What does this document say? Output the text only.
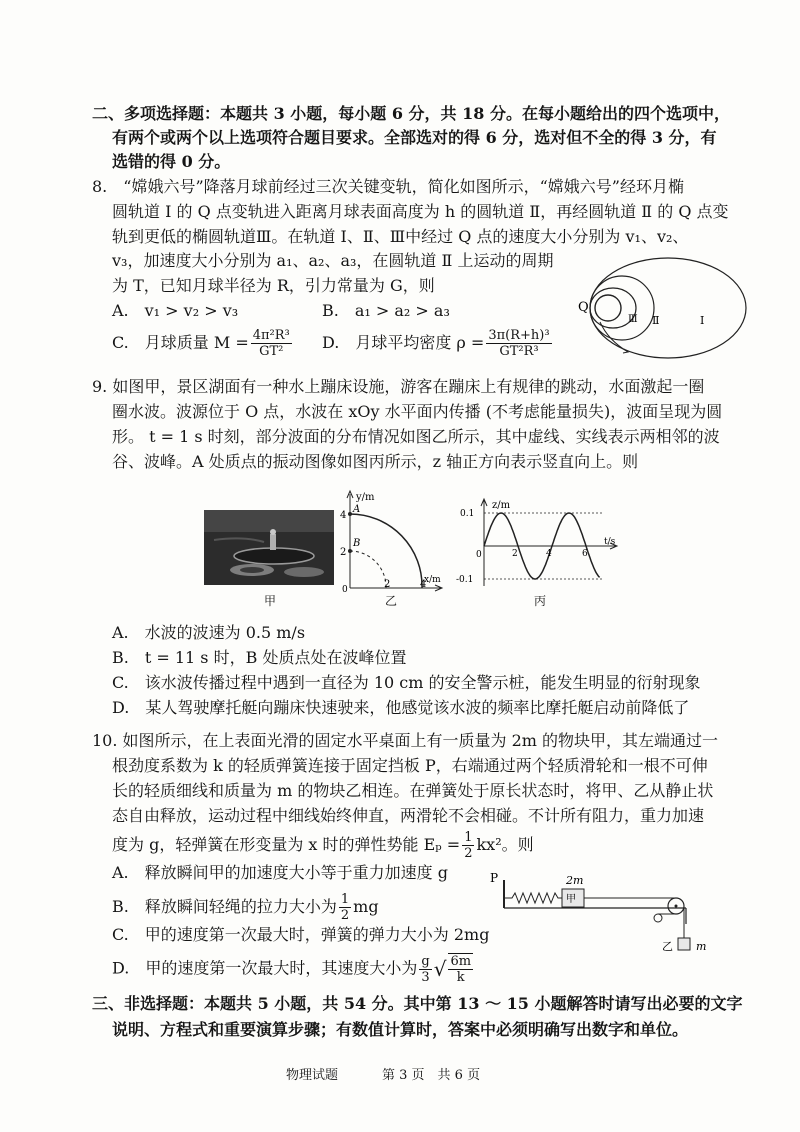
二、多项选择题：本题共 3 小题，每小题 6 分，共 18 分。在每小题给出的四个选项中，
有两个或两个以上选项符合题目要求。全部选对的得 6 分，选对但不全的得 3 分，有
选错的得 0 分。
8.　“嫦娥六号”降落月球前经过三次关键变轨，简化如图所示，“嫦娥六号”经环月椭
圆轨道 Ⅰ 的 Q 点变轨进入距离月球表面高度为 h 的圆轨道 Ⅱ，再经圆轨道 Ⅱ 的 Q 点变
轨到更低的椭圆轨道Ⅲ。在轨道 Ⅰ、Ⅱ、Ⅲ中经过 Q 点的速度大小分别为 v₁、v₂、
v₃，加速度大小分别为 a₁、a₂、a₃，在圆轨道 Ⅱ 上运动的周期
为 T，已知月球半径为 R，引力常量为 G，则
A.　v₁ > v₂ > v₃	B.　a₁ > a₂ > a₃
C.　月球质量 $M = \frac{\text{4π²R³}}{\text{GT²}} D$.　月球平均密度 $\rho = \frac{\text{3π(R+h)³}}{\text{GT²R³}}$
Q
Ⅲ Ⅱ	Ⅰ
9. 如图甲，景区湖面有一种水上蹦床设施，游客在蹦床上有规律的跳动，水面激起一圈
圈水波。波源位于 O 点，水波在 xOy 水平面内传播 (不考虑能量损失)，波面呈现为圆
形。 t = 1 s 时刻，部分波面的分布情况如图乙所示，其中虚线、实线表示两相邻的波
谷、波峰。A 处质点的振动图像如图丙所示，z 轴正方向表示竖直向上。则
甲
y/m
4
A
2
B
0	2	4
x/m
乙
z/m
0.1
-0.1
0	2	4	6
t/s
丙
A.　水波的波速为 0.5 m/s
B.　t = 11 s 时，B 处质点处在波峰位置
C.　该水波传播过程中遇到一直径为 10 cm 的安全警示桩，能发生明显的衍射现象
D.　某人驾驶摩托艇向蹦床快速驶来，他感觉该水波的频率比摩托艇启动前降低了
10. 如图所示，在上表面光滑的固定水平桌面上有一质量为 2m 的物块甲，其左端通过一
根劲度系数为 k 的轻质弹簧连接于固定挡板 P，右端通过两个轻质滑轮和一根不可伸
长的轻质细线和质量为 m 的物块乙相连。在弹簧处于原长状态时，将甲、乙从静止状
态自由释放，运动过程中细线始终伸直，两滑轮不会相碰。不计所有阻力，重力加速
度为 g，轻弹簧在形变量为 x 时的弹性势能 $E_p = \frac{1}{2} kx^2$。则
A.　释放瞬间甲的加速度大小等于重力加速度 g
B.　释放瞬间轻绳的拉力大小为 $\frac{1}{2}$ mg
C.　甲的速度第一次最大时，弹簧的弹力大小为 2mg
D.　甲的速度第一次最大时，其速度大小为 $\frac{g}{3}$ √ $\frac{6m}{k}$
P
甲
2m
乙 m
三、非选择题：本题共 5 小题，共 54 分。其中第 13 ～ 15 小题解答时请写出必要的文字
说明、方程式和重要演算步骤；有数值计算时，答案中必须明确写出数字和单位。
物理试题	第 3 页　共 6 页
